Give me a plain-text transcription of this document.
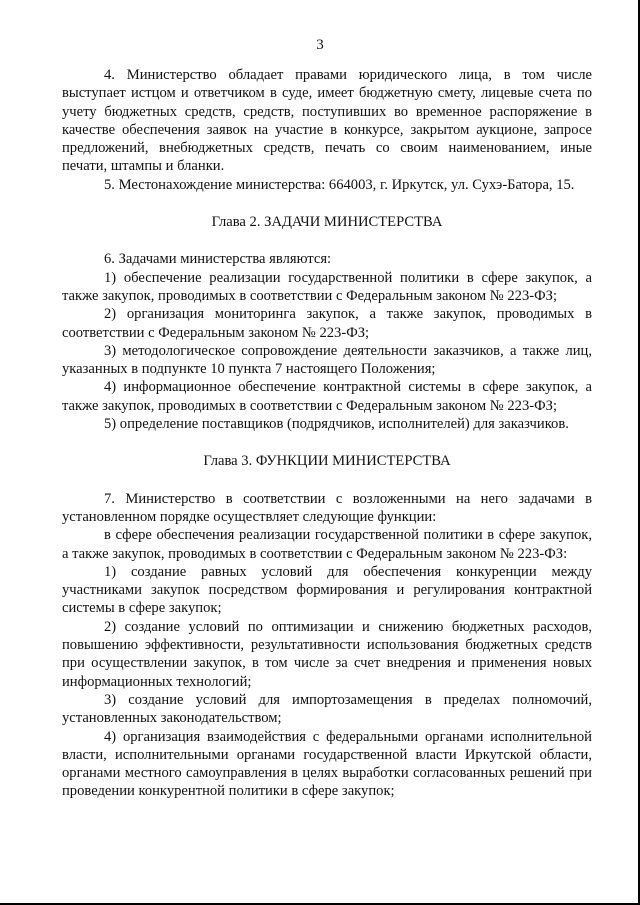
3

4. Министерство обладает правами юридического лица, в том числе выступает истцом и ответчиком в суде, имеет бюджетную смету, лицевые счета по учету бюджетных средств, средств, поступивших во временное распоряжение в качестве обеспечения заявок на участие в конкурсе, закрытом аукционе, запросе предложений, внебюджетных средств, печать со своим наименованием, иные печати, штампы и бланки.

5. Местонахождение министерства: 664003, г. Иркутск, ул. Сухэ-Батора, 15.

Глава 2. ЗАДАЧИ МИНИСТЕРСТВА

6. Задачами министерства являются:

1) обеспечение реализации государственной политики в сфере закупок, а также закупок, проводимых в соответствии с Федеральным законом № 223-ФЗ;

2) организация мониторинга закупок, а также закупок, проводимых в соответствии с Федеральным законом № 223-ФЗ;

3) методологическое сопровождение деятельности заказчиков, а также лиц, указанных в подпункте 10 пункта 7 настоящего Положения;

4) информационное обеспечение контрактной системы в сфере закупок, а также закупок, проводимых в соответствии с Федеральным законом № 223-ФЗ;

5) определение поставщиков (подрядчиков, исполнителей) для заказчиков.

Глава 3. ФУНКЦИИ МИНИСТЕРСТВА

7. Министерство в соответствии с возложенными на него задачами в установленном порядке осуществляет следующие функции:

в сфере обеспечения реализации государственной политики в сфере закупок, а также закупок, проводимых в соответствии с Федеральным законом № 223-ФЗ:

1) создание равных условий для обеспечения конкуренции между участниками закупок посредством формирования и регулирования контрактной системы в сфере закупок;

2) создание условий по оптимизации и снижению бюджетных расходов, повышению эффективности, результативности использования бюджетных средств при осуществлении закупок, в том числе за счет внедрения и применения новых информационных технологий;

3) создание условий для импортозамещения в пределах полномочий, установленных законодательством;

4) организация взаимодействия с федеральными органами исполнительной власти, исполнительными органами государственной власти Иркутской области, органами местного самоуправления в целях выработки согласованных решений при проведении конкурентной политики в сфере закупок;
